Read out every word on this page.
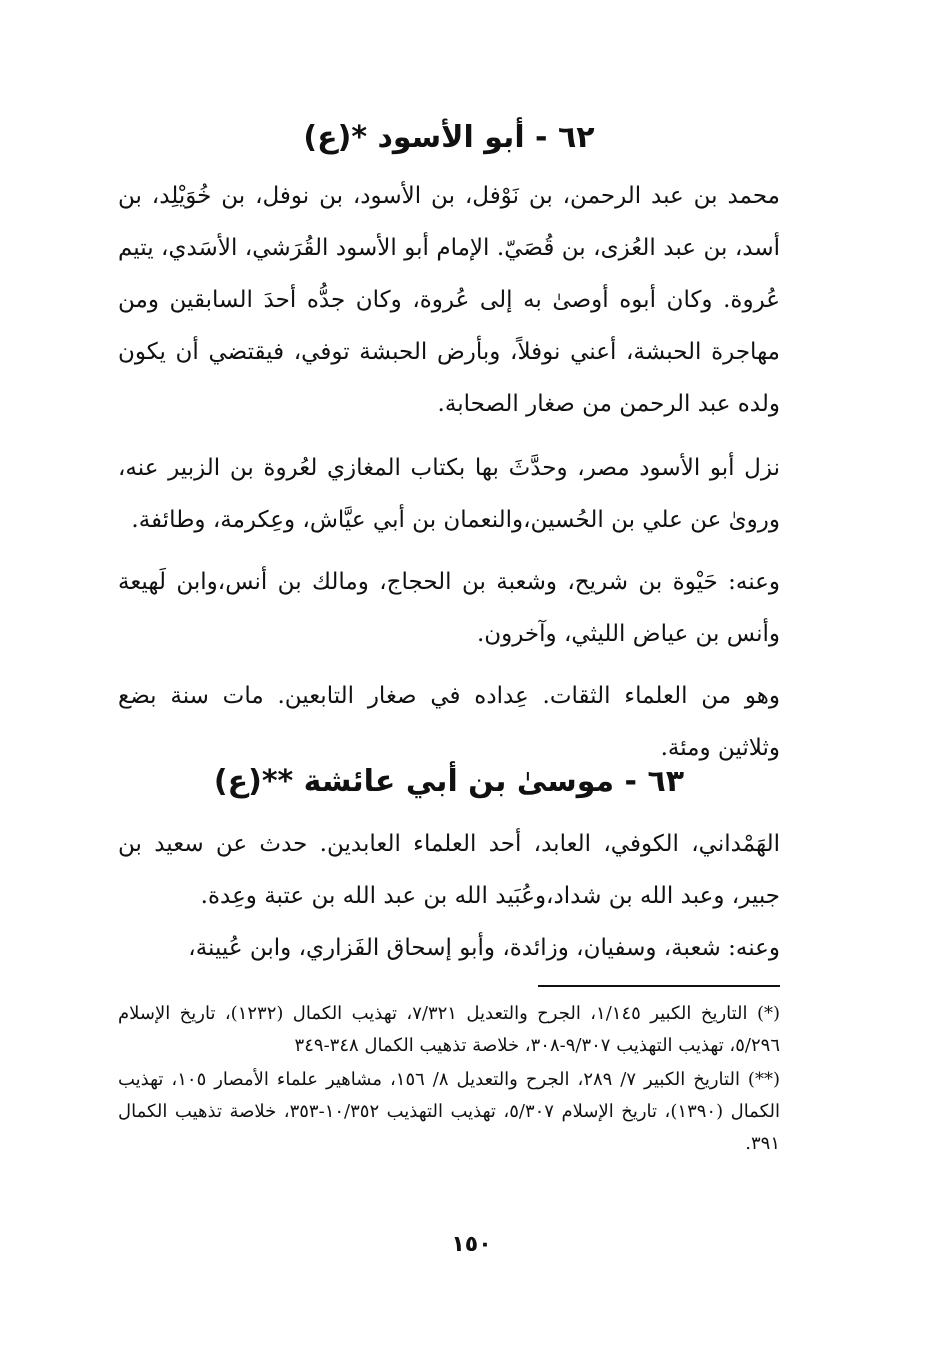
٦٢ - أبو الأسود *(ع)

محمد بن عبد الرحمن، بن نَوْفل، بن الأسود، بن نوفل، بن خُوَيْلِد، بن أسد، بن عبد العُزى، بن قُصَيّ. الإمام أبو الأسود القُرَشي، الأسَدي، يتيم عُروة. وكان أبوه أوصىٰ به إلى عُروة، وكان جدُّه أحدَ السابقين ومن مهاجرة الحبشة، أعني نوفلاً، وبأرض الحبشة توفي، فيقتضي أن يكون ولده عبد الرحمن من صغار الصحابة.

نزل أبو الأسود مصر، وحدَّثَ بها بكتاب المغازي لعُروة بن الزبير عنه، وروىٰ عن علي بن الحُسين،والنعمان بن أبي عيَّاش، وعِكرمة، وطائفة.

وعنه: حَيْوة بن شريح، وشعبة بن الحجاج، ومالك بن أنس،وابن لَهيعة وأنس بن عياض الليثي، وآخرون.

وهو من العلماء الثقات. عِداده في صغار التابعين. مات سنة بضع وثلاثين ومئة.

٦٣ - موسىٰ بن أبي عائشة **(ع)

الهَمْداني، الكوفي، العابد، أحد العلماء العابدين. حدث عن سعيد بن جبير، وعبد الله بن شداد،وعُبَيد الله بن عبد الله بن عتبة وعِدة.

وعنه: شعبة، وسفيان، وزائدة، وأبو إسحاق الفَزاري، وابن عُيينة،

(*) التاريخ الكبير ١/١٤٥، الجرح والتعديل ٧/٣٢١، تهذيب الكمال (١٢٣٢)، تاريخ الإسلام ٥/٢٩٦، تهذيب التهذيب ٩/٣٠٧-٣٠٨، خلاصة تذهيب الكمال ٣٤٨-٣٤٩

(**) التاريخ الكبير ٧/ ٢٨٩، الجرح والتعديل ٨/ ١٥٦، مشاهير علماء الأمصار ١٠٥، تهذيب الكمال (١٣٩٠)، تاريخ الإسلام ٥/٣٠٧، تهذيب التهذيب ١٠/٣٥٢-٣٥٣، خلاصة تذهيب الكمال ٣٩١.

١٥٠
